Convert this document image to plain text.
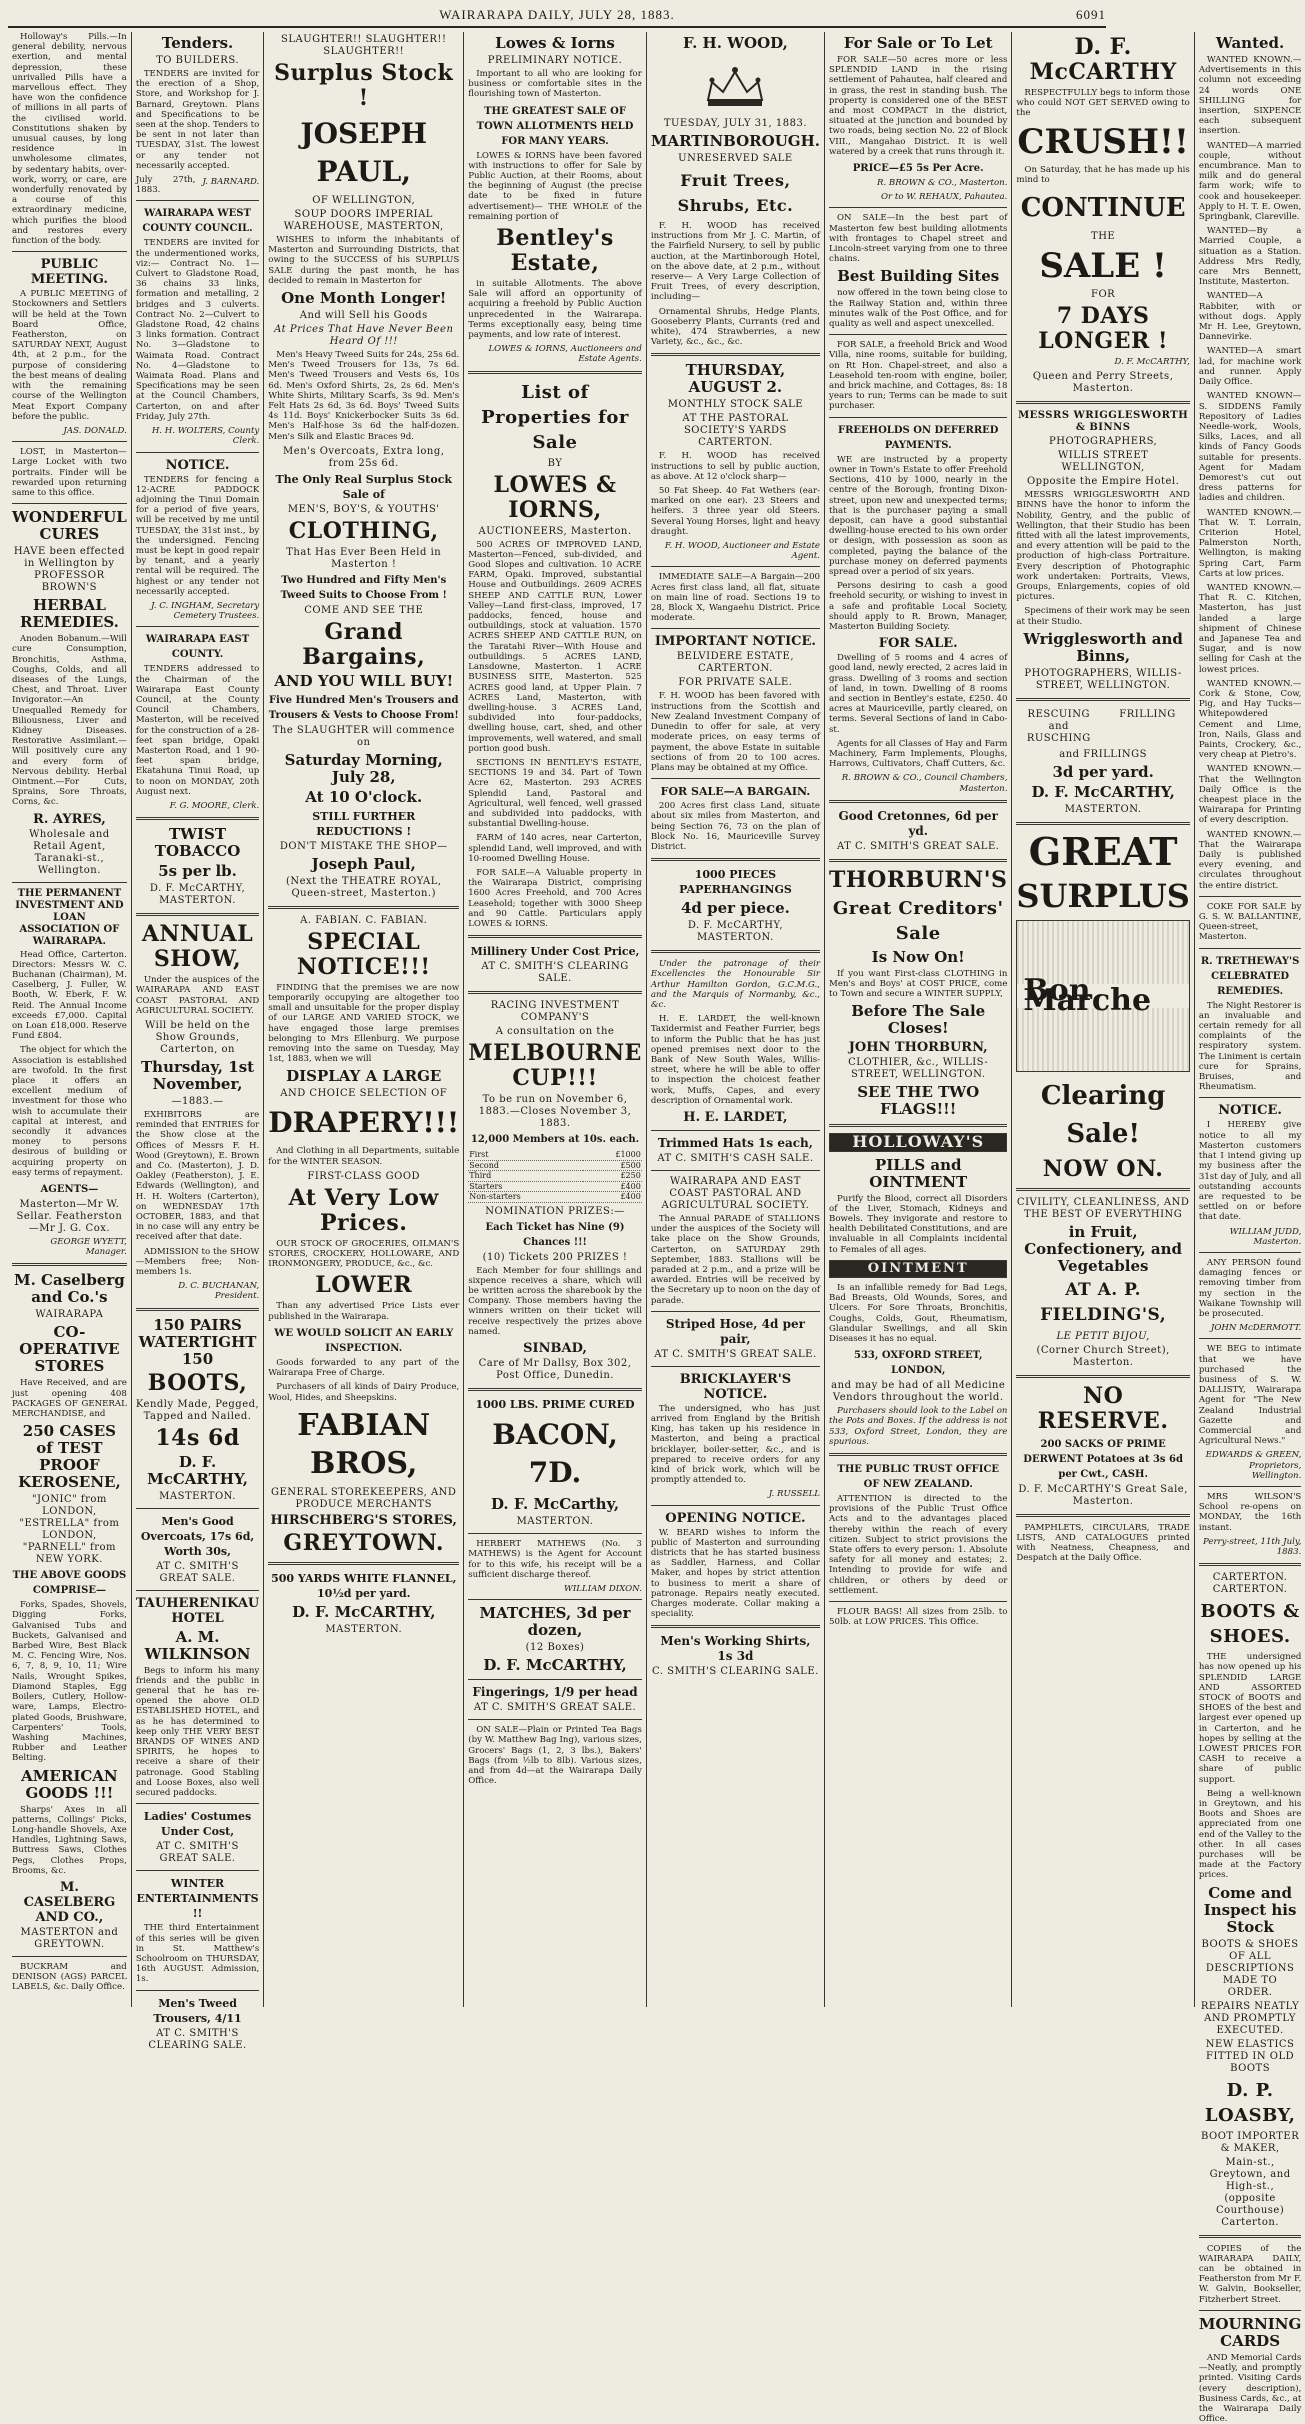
WAIRARAPA DAILY, JULY 28, 1883.	6091

Holloway's Pills.—In general debility, nervous exertion, and mental depression, these unrivalled Pills have a marvellous effect. They have won the confidence of millions in all parts of the civilised world. Constitutions shaken by unusual causes, by long residence in unwholesome climates, by sedentary habits, over-work, worry, or care, are wonderfully renovated by a course of this extraordinary medicine, which purifies the blood and restores every function of the body.

PUBLIC MEETING.

A PUBLIC MEETING of Stockowners and Settlers will be held at the Town Board Office, Featherston, on SATURDAY NEXT, August 4th, at 2 p.m., for the purpose of considering the best means of dealing with the remaining course of the Wellington Meat Export Company before the public.

JAS. DONALD.

LOST, in Masterton—Large Locket with two portraits. Finder will be rewarded upon returning same to this office.

WONDERFUL CURES
HAVE been effected in Wellington by PROFESSOR BROWN'S
HERBAL REMEDIES.

Anoden Bobanum.—Will cure Consumption, Bronchitis, Asthma, Coughs, Colds, and all diseases of the Lungs, Chest, and Throat. Liver Invigorator.—An Unequalled Remedy for Biliousness, Liver and Kidney Diseases. Restorative Assimilant.—Will positively cure any and every form of Nervous debility. Herbal Ointment.—For Cuts, Sprains, Sore Throats, Corns, &c.

R. AYRES,
Wholesale and Retail Agent, Taranaki-st., Wellington.
THE PERMANENT INVESTMENT AND LOAN ASSOCIATION OF WAIRARAPA.

Head Office, Carterton. Directors: Messrs W. C. Buchanan (Chairman), M. Caselberg, J. Fuller, W. Booth, W. Eberk, F. W. Reid. The Annual Income exceeds £7,000. Capital on Loan £18,000. Reserve Fund £804.

The object for which the Association is established are twofold. In the first place it offers an excellent medium of investment for those who wish to accumulate their capital at interest, and secondly it advances money to persons desirous of building or acquiring property on easy terms of repayment.

AGENTS—
Masterton—Mr W. Sellar. Featherston—Mr J. G. Cox.
GEORGE WYETT, Manager.
M. Caselberg and Co.'s
WAIRARAPA
CO-OPERATIVE STORES

Have Received, and are just opening 408 PACKAGES OF GENERAL MERCHANDISE, and

250 CASES of TEST PROOF KEROSENE,
"JONIC" from LONDON, "ESTRELLA" from LONDON, "PARNELL" from NEW YORK.
THE ABOVE GOODS COMPRISE—

Forks, Spades, Shovels, Digging Forks, Galvanised Tubs and Buckets, Galvanised and Barbed Wire, Best Black M. C. Fencing Wire, Nos. 6, 7, 8, 9, 10, 11; Wire Nails, Wrought Spikes, Diamond Staples, Egg Boilers, Cutlery, Hollow-ware, Lamps, Electro-plated Goods, Brushware, Carpenters' Tools, Washing Machines, Rubber and Leather Belting.

AMERICAN GOODS !!!

Sharps' Axes in all patterns, Collings' Picks, Long-handle Shovels, Axe Handles, Lightning Saws, Buttress Saws, Clothes Pegs, Clothes Props, Brooms, &c.

M. CASELBERG AND CO.,
MASTERTON and GREYTOWN.

BUCKRAM and DENISON (AGS) PARCEL LABELS, &c. Daily Office.

Tenders.
TO BUILDERS.

TENDERS are invited for the erection of a Shop, Store, and Workshop for J. Barnard, Greytown. Plans and Specifications to be seen at the shop. Tenders to be sent in not later than TUESDAY, 31st. The lowest or any tender not necessarily accepted.

July 27th, 1883.
J. BARNARD.
WAIRARAPA WEST COUNTY COUNCIL.

TENDERS are invited for the undermentioned works, viz:— Contract No. 1—Culvert to Gladstone Road, 36 chains 33 links, formation and metalling, 2 bridges and 3 culverts. Contract No. 2—Culvert to Gladstone Road, 42 chains 3 links formation. Contract No. 3—Gladstone to Waimata Road. Contract No. 4—Gladstone to Waimata Road. Plans and Specifications may be seen at the Council Chambers, Carterton, on and after Friday, July 27th.

H. H. WOLTERS, County Clerk.
NOTICE.

TENDERS for fencing a 12-ACRE PADDOCK adjoining the Tinui Domain for a period of five years, will be received by me until TUESDAY, the 31st inst., by the undersigned. Fencing must be kept in good repair by tenant, and a yearly rental will be required. The highest or any tender not necessarily accepted.

J. C. INGHAM, Secretary Cemetery Trustees.
WAIRARAPA EAST COUNTY.

TENDERS addressed to the Chairman of the Wairarapa East County Council, at the County Council Chambers, Masterton, will be received for the construction of a 28-feet span bridge, Opaki Masterton Road, and 1 90-feet span bridge, Ekatahuna Tinui Road, up to noon on MONDAY, 20th August next.

F. G. MOORE, Clerk.
TWIST TOBACCO
5s per lb.
D. F. McCARTHY, MASTERTON.
ANNUAL SHOW,

Under the auspices of the WAIRARAPA AND EAST COAST PASTORAL AND AGRICULTURAL SOCIETY.

Will be held on the Show Grounds, Carterton, on
Thursday, 1st November,
—1883.—

EXHIBITORS are reminded that ENTRIES for the Show close at the Offices of Messrs F. H. Wood (Greytown), E. Brown and Co. (Masterton), J. D. Oakley (Featherston), J. E. Edwards (Wellington), and H. H. Wolters (Carterton), on WEDNESDAY 17th OCTOBER, 1883, and that in no case will any entry be received after that date.

ADMISSION to the SHOW—Members free; Non-members 1s.

D. C. BUCHANAN, President.
150 PAIRS WATERTIGHT 150
BOOTS,
Kendly Made, Pegged, Tapped and Nailed.
14s 6d
D. F. McCARTHY,
MASTERTON.
Men's Good Overcoats, 17s 6d, Worth 30s,
AT C. SMITH'S GREAT SALE.
TAUHERENIKAU HOTEL
A. M. WILKINSON

Begs to inform his many friends and the public in general that he has re-opened the above OLD ESTABLISHED HOTEL, and as he has determined to keep only THE VERY BEST BRANDS OF WINES AND SPIRITS, he hopes to receive a share of their patronage. Good Stabling and Loose Boxes, also well secured paddocks.

Ladies' Costumes Under Cost,
AT C. SMITH'S GREAT SALE.
WINTER ENTERTAINMENTS !!

THE third Entertainment of this series will be given in St. Matthew's Schoolroom on THURSDAY, 16th AUGUST. Admission, 1s.

Men's Tweed Trousers, 4/11
AT C. SMITH'S CLEARING SALE.
SLAUGHTER!! SLAUGHTER!! SLAUGHTER!!
Surplus Stock !
JOSEPH PAUL,
OF WELLINGTON,
SOUP DOORS IMPERIAL WAREHOUSE, MASTERTON,

WISHES to inform the inhabitants of Masterton and Surrounding Districts, that owing to the SUCCESS of his SURPLUS SALE during the past month, he has decided to remain in Masterton for

One Month Longer!
And will Sell his Goods
At Prices That Have Never Been Heard Of !!!

Men's Heavy Tweed Suits for 24s, 25s 6d. Men's Tweed Trousers for 13s, 7s 6d. Men's Tweed Trousers and Vests 6s, 10s 6d. Men's Oxford Shirts, 2s, 2s 6d. Men's White Shirts, Military Scarfs, 3s 9d. Men's Felt Hats 2s 6d, 3s 6d. Boys' Tweed Suits 4s 11d. Boys' Knickerbocker Suits 3s 6d. Men's Half-hose 3s 6d the half-dozen. Men's Silk and Elastic Braces 9d.

Men's Overcoats, Extra long, from 25s 6d.
The Only Real Surplus Stock Sale of
MEN'S, BOY'S, & YOUTHS'
CLOTHING,
That Has Ever Been Held in Masterton !
Two Hundred and Fifty Men's Tweed Suits to Choose From !
COME AND SEE THE
Grand Bargains,
AND YOU WILL BUY!
Five Hundred Men's Trousers and Trousers & Vests to Choose From!
The SLAUGHTER will commence on
Saturday Morning, July 28,
At 10 O'clock.
STILL FURTHER REDUCTIONS !
DON'T MISTAKE THE SHOP—
Joseph Paul,
(Next the THEATRE ROYAL, Queen-street, Masterton.)
A. FABIAN. C. FABIAN.
SPECIAL NOTICE!!!

FINDING that the premises we are now temporarily occupying are altogether too small and unsuitable for the proper display of our LARGE AND VARIED STOCK, we have engaged those large premises belonging to Mrs Ellenburg. We purpose removing into the same on Tuesday, May 1st, 1883, when we will

DISPLAY A LARGE
AND CHOICE SELECTION OF
DRAPERY!!!

And Clothing in all Departments, suitable for the WINTER SEASON.

FIRST-CLASS GOOD
At Very Low Prices.

OUR STOCK OF GROCERIES, OILMAN'S STORES, CROCKERY, HOLLOWARE, AND IRONMONGERY, PRODUCE, &c., &c.

LOWER

Than any advertised Price Lists ever published in the Wairarapa.

WE WOULD SOLICIT AN EARLY INSPECTION.

Goods forwarded to any part of the Wairarapa Free of Charge.

Purchasers of all kinds of Dairy Produce, Wool, Hides, and Sheepskins.

FABIAN BROS,
GENERAL STOREKEEPERS, AND PRODUCE MERCHANTS
HIRSCHBERG'S STORES,
GREYTOWN.
500 YARDS WHITE FLANNEL, 10½d per yard.
D. F. McCARTHY,
MASTERTON.
Lowes & Iorns
PRELIMINARY NOTICE.

Important to all who are looking for business or comfortable sites in the flourishing town of Masterton.

THE GREATEST SALE OF TOWN ALLOTMENTS HELD FOR MANY YEARS.

LOWES & IORNS have been favored with instructions to offer for Sale by Public Auction, at their Rooms, about the beginning of August (the precise date to be fixed in future advertisement)— THE WHOLE of the remaining portion of

Bentley's Estate,

in suitable Allotments. The above Sale will afford an opportunity of acquiring a freehold by Public Auction unprecedented in the Wairarapa. Terms exceptionally easy, being time payments, and low rate of interest.

LOWES & IORNS, Auctioneers and Estate Agents.
List of Properties for Sale
BY
LOWES & IORNS,
AUCTIONEERS, Masterton.

500 ACRES OF IMPROVED LAND, Masterton—Fenced, sub-divided, and Good Slopes and cultivation. 10 ACRE FARM, Opaki. Improved, substantial House and Outbuildings. 2609 ACRES SHEEP AND CATTLE RUN, Lower Valley—Land first-class, improved, 17 paddocks, fenced, house and outbuildings, stock at valuation. 1570 ACRES SHEEP AND CATTLE RUN, on the Taratahi River—With House and outbuildings. 5 ACRES LAND, Lansdowne, Masterton. 1 ACRE BUSINESS SITE, Masterton. 525 ACRES good land, at Upper Plain. 7 ACRES Land, Masterton, with dwelling-house. 3 ACRES Land, subdivided into four-paddocks, dwelling house, cart, shed, and other improvements, well watered, and small portion good bush.

SECTIONS IN BENTLEY'S ESTATE, SECTIONS 19 and 34. Part of Town Acre 62, Masterton. 293 ACRES Splendid Land, Pastoral and Agricultural, well fenced, well grassed and subdivided into paddocks, with substantial Dwelling-house.

FARM of 140 acres, near Carterton, splendid Land, well improved, and with 10-roomed Dwelling House.

FOR SALE—A Valuable property in the Wairarapa District, comprising 1600 Acres Freehold, and 700 Acres Leasehold; together with 3000 Sheep and 90 Cattle. Particulars apply LOWES & IORNS.

Millinery Under Cost Price,
AT C. SMITH'S CLEARING SALE.
RACING INVESTMENT COMPANY'S
A consultation on the
MELBOURNE CUP!!!
To be run on November 6, 1883.—Closes November 3, 1883.
12,000 Members at 10s. each.
First	£1000
Second	£500
Third	£250
Starters	£400
Non-starters	£400
NOMINATION PRIZES:—
Each Ticket has Nine (9) Chances !!!
(10) Tickets 200 PRIZES !

Each Member for four shillings and sixpence receives a share, which will be written across the sharebook by the Company. Those members having the winners written on their ticket will receive respectively the prizes above named.

SINBAD,
Care of Mr Dallsy, Box 302, Post Office, Dunedin.
1000 LBS. PRIME CURED
BACON, 7D.
D. F. McCarthy,
MASTERTON.

HERBERT MATHEWS (No. 3 MATHEWS) is the Agent for Account for to this wife, his receipt will be a sufficient discharge thereof.

WILLIAM DIXON.
MATCHES, 3d per dozen,
(12 Boxes)
D. F. McCARTHY,
Fingerings, 1/9 per head
AT C. SMITH'S GREAT SALE.

ON SALE—Plain or Printed Tea Bags (by W. Matthew Bag Ing), various sizes, Grocers' Bags (1, 2, 3 lbs.), Bakers' Bags (from ½lb to 8lb). Various sizes, and from 4d—at the Wairarapa Daily Office.

F. H. WOOD,
TUESDAY, JULY 31, 1883.
MARTINBOROUGH.
UNRESERVED SALE
Fruit Trees, Shrubs, Etc.

F. H. WOOD has received instructions from Mr J. C. Martin, of the Fairfield Nursery, to sell by public auction, at the Martinborough Hotel, on the above date, at 2 p.m., without reserve— A Very Large Collection of Fruit Trees, of every description, including—

Ornamental Shrubs, Hedge Plants, Gooseberry Plants, Currants (red and white), 474 Strawberries, a new Variety, &c., &c., &c.

THURSDAY, AUGUST 2.
MONTHLY STOCK SALE
AT THE PASTORAL SOCIETY'S YARDS CARTERTON.

F. H. WOOD has received instructions to sell by public auction, as above. At 12 o'clock sharp—

50 Fat Sheep. 40 Fat Wethers (ear-marked on one ear). 23 Steers and heifers. 3 three year old Steers. Several Young Horses, light and heavy draught.

F. H. WOOD, Auctioneer and Estate Agent.

IMMEDIATE SALE—A Bargain—200 Acres first class land, all flat, situate on main line of road. Sections 19 to 28, Block X, Wangaehu District. Price moderate.

IMPORTANT NOTICE.
BELVIDERE ESTATE, CARTERTON.
FOR PRIVATE SALE.

F. H. WOOD has been favored with instructions from the Scottish and New Zealand Investment Company of Dunedin to offer for sale, at very moderate prices, on easy terms of payment, the above Estate in suitable sections of from 20 to 100 acres. Plans may be obtained at my Office.

FOR SALE—A BARGAIN.

200 Acres first class Land, situate about six miles from Masterton, and being Section 76, 73 on the plan of Block No. 16, Mauriceville Survey District.

1000 PIECES PAPERHANGINGS
4d per piece.
D. F. McCARTHY, MASTERTON.

Under the patronage of their Excellencies the Honourable Sir Arthur Hamilton Gordon, G.C.M.G., and the Marquis of Normanby, &c., &c.

H. E. LARDET, the well-known Taxidermist and Feather Furrier, begs to inform the Public that he has just opened premises next door to the Bank of New South Wales, Willis-street, where he will be able to offer to inspection the choicest feather work, Muffs, Capes, and every description of Ornamental work.

H. E. LARDET,
Trimmed Hats 1s each,
AT C. SMITH'S CASH SALE.
WAIRARAPA AND EAST COAST PASTORAL AND AGRICULTURAL SOCIETY.

The Annual PARADE of STALLIONS under the auspices of the Society will take place on the Show Grounds, Carterton, on SATURDAY 29th September, 1883. Stallions will be paraded at 2 p.m., and a prize will be awarded. Entries will be received by the Secretary up to noon on the day of parade.

Striped Hose, 4d per pair,
AT C. SMITH'S GREAT SALE.
BRICKLAYER'S NOTICE.

The undersigned, who has just arrived from England by the British King, has taken up his residence in Masterton, and being a practical bricklayer, boiler-setter, &c., and is prepared to receive orders for any kind of brick work, which will be promptly attended to.

J. RUSSELL
OPENING NOTICE.

W. BEARD wishes to inform the public of Masterton and surrounding districts that he has started business as Saddler, Harness, and Collar Maker, and hopes by strict attention to business to merit a share of patronage. Repairs neatly executed. Charges moderate. Collar making a speciality.

Men's Working Shirts, 1s 3d
C. SMITH'S CLEARING SALE.
For Sale or To Let

FOR SALE—50 acres more or less SPLENDID LAND in the rising settlement of Pahautea, half cleared and in grass, the rest in standing bush. The property is considered one of the BEST and most COMPACT in the district, situated at the junction and bounded by two roads, being section No. 22 of Block VIII., Mangahao District. It is well watered by a creek that runs through it.

PRICE—£5 5s Per Acre.
R. BROWN & CO., Masterton.
Or to W. REHAUX, Pahautea.

ON SALE—In the best part of Masterton few best building allotments with frontages to Chapel street and Lincoln-street varying from one to three chains.

Best Building Sites

now offered in the town being close to the Railway Station and, within three minutes walk of the Post Office, and for quality as well and aspect unexcelled.

FOR SALE, a freehold Brick and Wood Villa, nine rooms, suitable for building, on Rt Hon. Chapel-street, and also a Leasehold ten-room with engine, boiler, and brick machine, and Cottages, 8s: 18 years to run; Terms can be made to suit purchaser.

FREEHOLDS ON DEFERRED PAYMENTS.

WE are instructed by a property owner in Town's Estate to offer Freehold Sections, 410 by 1000, nearly in the centre of the Borough, fronting Dixon-street, upon new and unexpected terms; that is the purchaser paying a small deposit, can have a good substantial dwelling-house erected to his own order or design, with possession as soon as completed, paying the balance of the purchase money on deferred payments spread over a period of six years.

Persons desiring to cash a good freehold security, or wishing to invest in a safe and profitable Local Society, should apply to R. Brown, Manager, Masterton Building Society.

FOR SALE.

Dwelling of 5 rooms and 4 acres of good land, newly erected, 2 acres laid in grass. Dwelling of 3 rooms and section of land, in town. Dwelling of 8 rooms and section in Bentley's estate, £250. 40 acres at Mauriceville, partly cleared, on terms. Several Sections of land in Cabo-st.

Agents for all Classes of Hay and Farm Machinery, Farm Implements, Ploughs, Harrows, Cultivators, Chaff Cutters, &c.

R. BROWN & CO., Council Chambers, Masterton.
Good Cretonnes, 6d per yd.
AT C. SMITH'S GREAT SALE.
THORBURN'S
Great Creditors' Sale
Is Now On!

If you want First-class CLOTHING in Men's and Boys' at COST PRICE, come to Town and secure a WINTER SUPPLY,

Before The Sale Closes!
JOHN THORBURN,
CLOTHIER, &c., WILLIS-STREET, WELLINGTON.
SEE THE TWO FLAGS!!!
HOLLOWAY'S
PILLS and OINTMENT

Purify the Blood, correct all Disorders of the Liver, Stomach, Kidneys and Bowels. They invigorate and restore to health Debilitated Constitutions, and are invaluable in all Complaints incidental to Females of all ages.

OINTMENT

Is an infallible remedy for Bad Legs, Bad Breasts, Old Wounds, Sores, and Ulcers. For Sore Throats, Bronchitis, Coughs, Colds, Gout, Rheumatism, Glandular Swellings, and all Skin Diseases it has no equal.

533, OXFORD STREET, LONDON,
and may be had of all Medicine Vendors throughout the world.

Purchasers should look to the Label on the Pots and Boxes. If the address is not 533, Oxford Street, London, they are spurious.

THE PUBLIC TRUST OFFICE OF NEW ZEALAND.

ATTENTION is directed to the provisions of the Public Trust Office Acts and to the advantages placed thereby within the reach of every citizen. Subject to strict provisions the State offers to every person: 1. Absolute safety for all money and estates; 2. Intending to provide for wife and children, or others by deed or settlement.

FLOUR BAGS! All sizes from 25lb. to 50lb. at LOW PRICES. This Office.

D. F. McCARTHY

RESPECTFULLY begs to inform those who could NOT GET SERVED owing to the

CRUSH!!

On Saturday, that he has made up his mind to

CONTINUE
THE
SALE !
FOR
7 DAYS LONGER !
D. F. McCARTHY,
Queen and Perry Streets, Masterton.
MESSRS WRIGGLESWORTH & BINNS
PHOTOGRAPHERS,
WILLIS STREET WELLINGTON,
Opposite the Empire Hotel.

MESSRS WRIGGLESWORTH AND BINNS have the honor to inform the Nobility, Gentry, and the public of Wellington, that their Studio has been fitted with all the latest improvements, and every attention will be paid to the production of high-class Portraiture. Every description of Photographic work undertaken: Portraits, Views, Groups, Enlargements, copies of old pictures.

Specimens of their work may be seen at their Studio.

Wrigglesworth and Binns,
PHOTOGRAPHERS, WILLIS-STREET, WELLINGTON.
RESCUING and RUSCHING
FRILLING
and FRILLINGS
3d per yard.
D. F. McCARTHY,
MASTERTON.
GREAT
SURPLUS
Bon Marche
Clearing Sale!
NOW ON.
CIVILITY, CLEANLINESS, AND THE BEST OF EVERYTHING
in Fruit, Confectionery, and Vegetables
AT A. P. FIELDING'S,
LE PETIT BIJOU,
(Corner Church Street), Masterton.
NO RESERVE.
200 SACKS OF PRIME DERWENT Potatoes at 3s 6d per Cwt., CASH.
D. F. McCARTHY'S Great Sale, Masterton.

PAMPHLETS, CIRCULARS, TRADE LISTS, AND CATALOGUES printed with Neatness, Cheapness, and Despatch at the Daily Office.

Wanted.

WANTED KNOWN.—Advertisements in this column not exceeding 24 words ONE SHILLING for insertion, SIXPENCE each subsequent insertion.

WANTED—A married couple, without encumbrance. Man to milk and do general farm work; wife to cook and housekeeper. Apply to H. T. E. Owen, Springbank, Clareville.

WANTED—By a Married Couple, a situation as a Station. Address Mrs Redly, care Mrs Bennett, Institute, Masterton.

WANTED—A Rabbiter, with or without dogs. Apply Mr H. Lee, Greytown, Dannevirke.

WANTED—A smart lad, for machine work and runner. Apply Daily Office.

WANTED KNOWN—S. SIDDENS Family Repository of Ladies Needle-work, Wools, Silks, Laces, and all kinds of Fancy Goods suitable for presents. Agent for Madam Demorest's cut out dress patterns for ladies and children.

WANTED KNOWN.—That W. T. Lorrain, Criterion Hotel, Palmerston North, Wellington, is making Spring Cart, Farm Carts at low prices.

WANTED KNOWN.—That R. C. Kitchen, Masterton, has just landed a large shipment of Chinese and Japanese Tea and Sugar, and is now selling for Cash at the lowest prices.

WANTED KNOWN.—Cork & Stone, Cow, Pig, and Hay Tucks—Whitepowdered Cement and Lime, Iron, Nails, Glass and Paints, Crockery, &c., very cheap at Pietro's.

WANTED KNOWN.—That the Wellington Daily Office is the cheapest place in the Wairarapa for Printing of every description.

WANTED KNOWN.—That the Wairarapa Daily is published every evening, and circulates throughout the entire district.

COKE FOR SALE by G. S. W. BALLANTINE, Queen-street, Masterton.

R. TRETHEWAY'S CELEBRATED REMEDIES.

The Night Restorer is an invaluable and certain remedy for all complaints of the respiratory system. The Liniment is certain cure for Sprains, Bruises, and Rheumatism.

NOTICE.

I HEREBY give notice to all my Masterton customers that I intend giving up my business after the 31st day of July, and all outstanding accounts are requested to be settled on or before that date.

WILLIAM JUDD, Masterton.

ANY PERSON found damaging fences or removing timber from my section in the Waikane Township will be prosecuted.

JOHN McDERMOTT.

WE BEG to intimate that we have purchased the business of S. W. DALLISTY, Wairarapa Agent for "The New Zealand Industrial Gazette and Commercial and Agricultural News."

EDWARDS & GREEN, Proprietors, Wellington.

MRS WILSON'S School re-opens on MONDAY, the 16th instant.

Perry-street, 11th July, 1883.
CARTERTON. CARTERTON.
BOOTS & SHOES.

THE undersigned has now opened up his SPLENDID LARGE AND ASSORTED STOCK of BOOTS and SHOES of the best and largest ever opened up in Carterton, and he hopes by selling at the LOWEST PRICES FOR CASH to receive a share of public support.

Being a well-known in Greytown, and his Boots and Shoes are appreciated from one end of the Valley to the other. In all cases purchases will be made at the Factory prices.

Come and Inspect his Stock
BOOTS & SHOES OF ALL DESCRIPTIONS MADE TO ORDER.
REPAIRS NEATLY AND PROMPTLY EXECUTED.
NEW ELASTICS FITTED IN OLD BOOTS
D. P. LOASBY,
BOOT IMPORTER & MAKER,
Main-st., Greytown, and High-st., (opposite Courthouse) Carterton.

COPIES of the WAIRARAPA DAILY, can be obtained in Featherston from Mr F. W. Galvin, Bookseller, Fitzherbert Street.

MOURNING CARDS

AND Memorial Cards—Neatly, and promptly printed. Visiting Cards (every description), Business Cards, &c., at the Wairarapa Daily Office.
